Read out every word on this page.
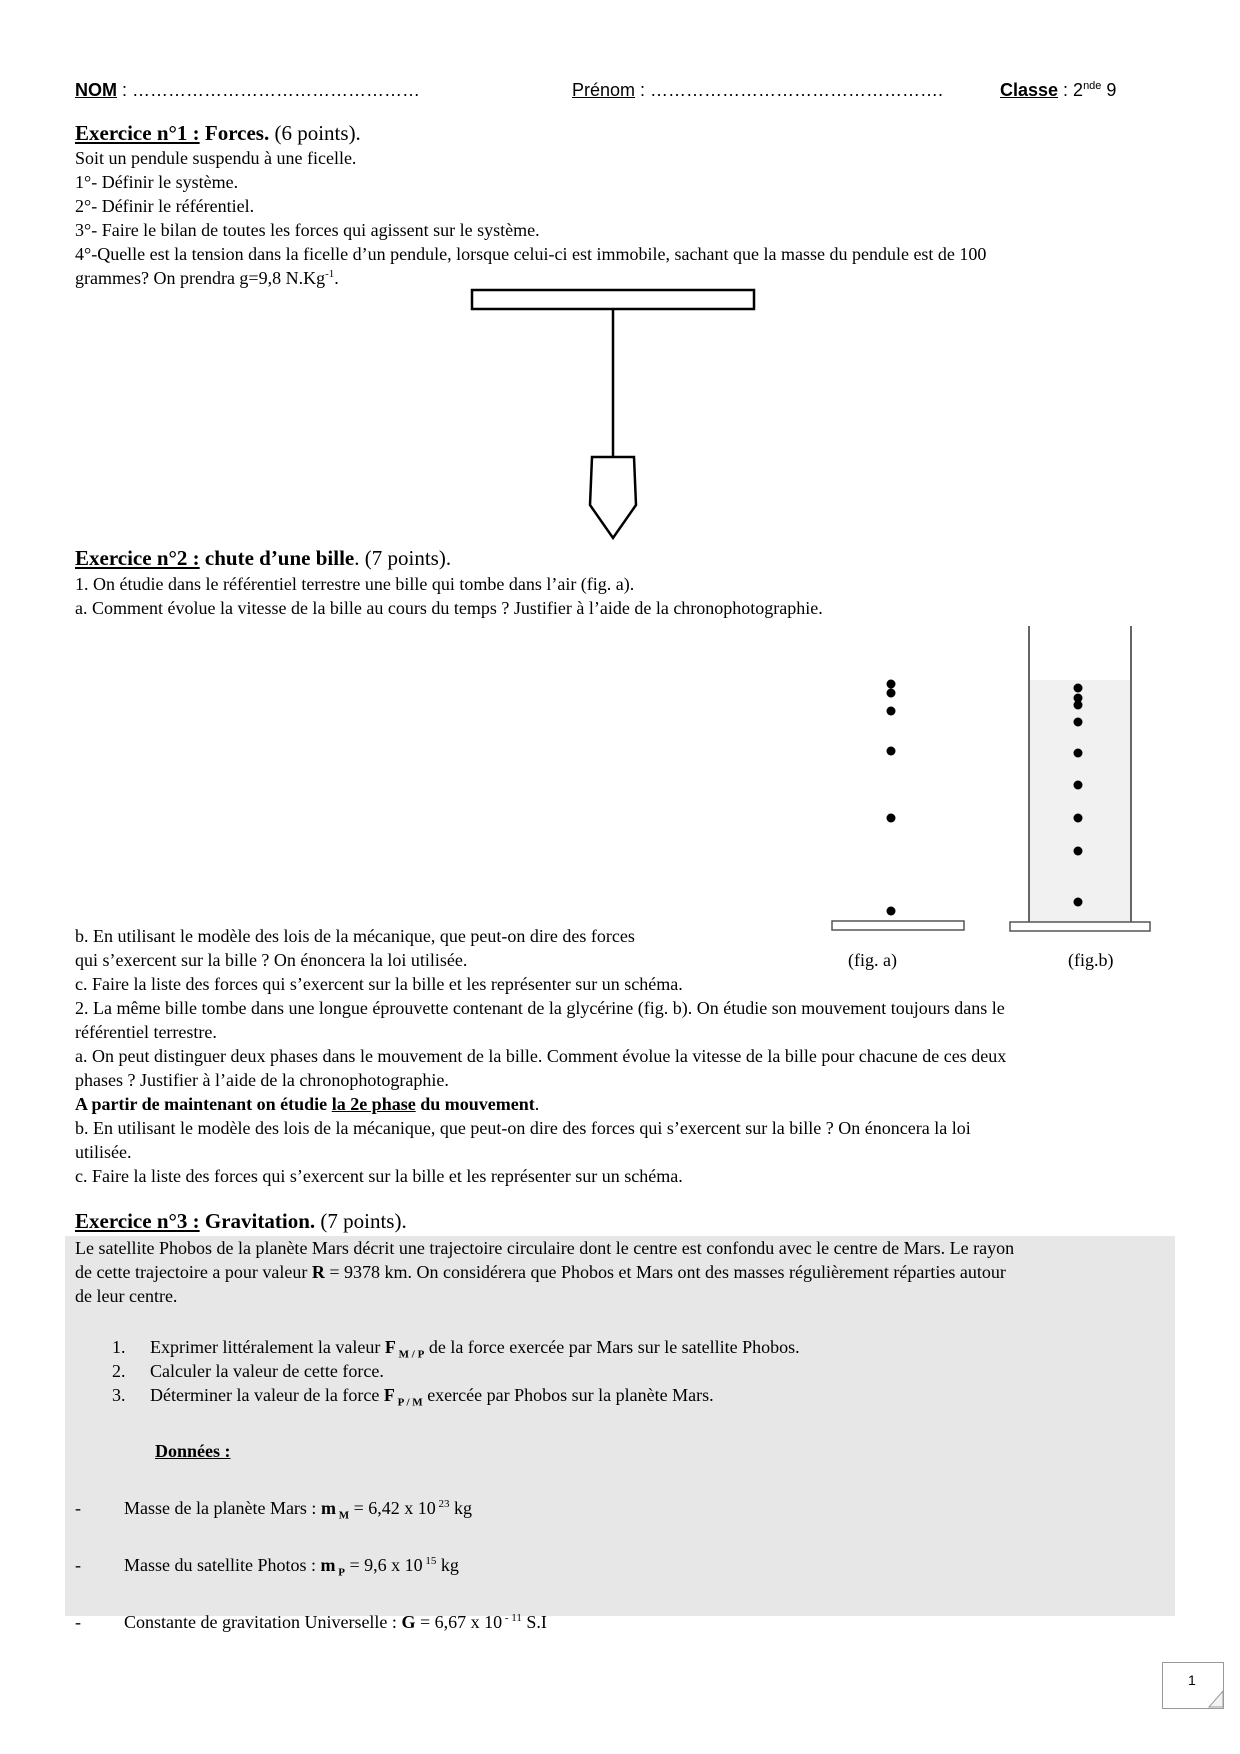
NOM : …………………………………………	Prénom : ………………………………………….	Classe : 2nde 9
Exercice n°1 : Forces. (6 points).
Soit un pendule suspendu à une ficelle.
1°- Définir le système.
2°- Définir le référentiel.
3°- Faire le bilan de toutes les forces qui agissent sur le système.
4°-Quelle est la tension dans la ficelle d’un pendule, lorsque celui-ci est immobile, sachant que la masse du pendule est de 100
grammes? On prendra g=9,8 $N.Kg^{-1}$.
Exercice n°2 : chute d’une bille. (7 points).
1. On étudie dans le référentiel terrestre une bille qui tombe dans l’air (fig. a).
a. Comment évolue la vitesse de la bille au cours du temps ? Justifier à l’aide de la chronophotographie.
(fig. a)	(fig.b)
b. En utilisant le modèle des lois de la mécanique, que peut-on dire des forces
qui s’exercent sur la bille ? On énoncera la loi utilisée.
c. Faire la liste des forces qui s’exercent sur la bille et les représenter sur un schéma.
2. La même bille tombe dans une longue éprouvette contenant de la glycérine (fig. b). On étudie son mouvement toujours dans le
référentiel terrestre.
a. On peut distinguer deux phases dans le mouvement de la bille. Comment évolue la vitesse de la bille pour chacune de ces deux
phases ? Justifier à l’aide de la chronophotographie.
A partir de maintenant on étudie la 2e phase du mouvement.
b. En utilisant le modèle des lois de la mécanique, que peut-on dire des forces qui s’exercent sur la bille ? On énoncera la loi
utilisée.
c. Faire la liste des forces qui s’exercent sur la bille et les représenter sur un schéma.
Exercice n°3 : Gravitation. (7 points).
Le satellite Phobos de la planète Mars décrit une trajectoire circulaire dont le centre est confondu avec le centre de Mars. Le rayon
de cette trajectoire a pour valeur R = 9378 km. On considérera que Phobos et Mars ont des masses régulièrement réparties autour
de leur centre.
1. Exprimer littéralement la valeur F $_{M / P}$ de la force exercée par Mars sur le satellite Phobos.
2. Calculer la valeur de cette force.
3. Déterminer la valeur de la force F $_{P / M}$ exercée par Phobos sur la planète Mars.
Données :
- Masse de la planète Mars : m $_M$ = 6,42 x 10 $^{23}$ kg
- Masse du satellite Photos : m $_P$ = 9,6 x 10 $^{15}$ kg
- Constante de gravitation Universelle : G = 6,67 x 10 $^{- 11}$ S.I
1
